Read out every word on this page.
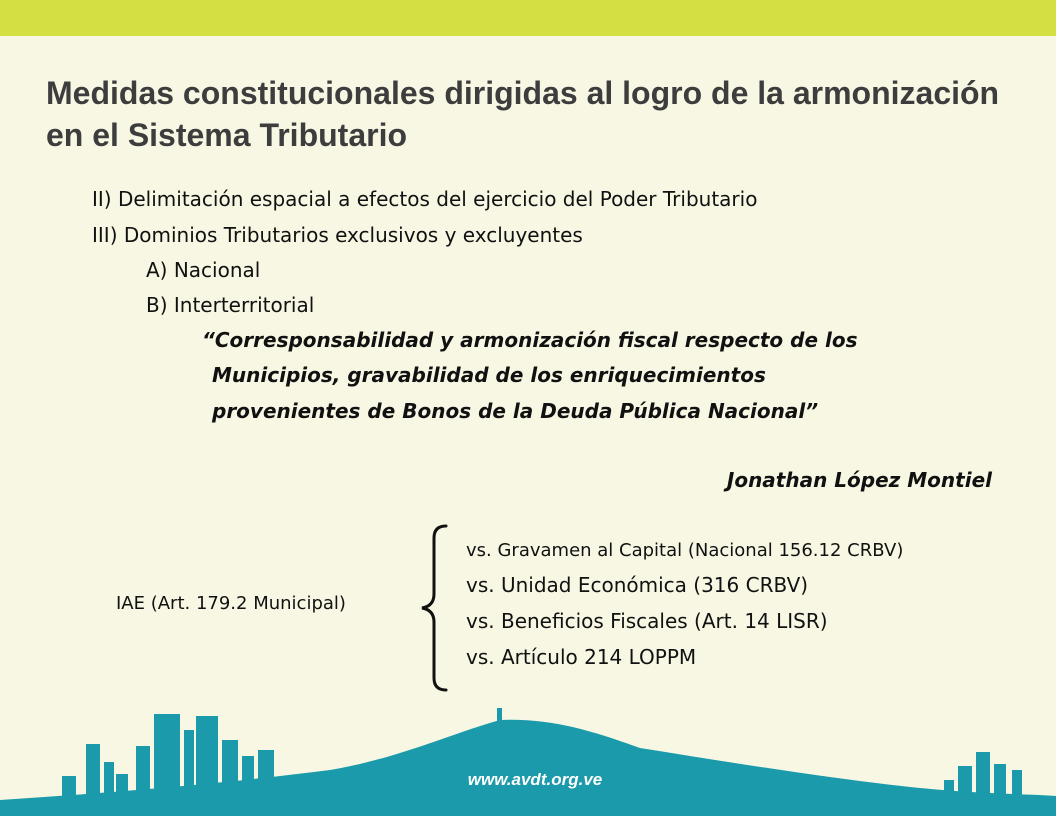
Medidas constitucionales dirigidas al logro de la armonización en el Sistema Tributario
II) Delimitación espacial a efectos del ejercicio del Poder Tributario
III) Dominios Tributarios exclusivos y excluyentes
A) Nacional
B) Interterritorial
“Corresponsabilidad y armonización fiscal respecto de los
Municipios, gravabilidad de los enriquecimientos
provenientes de Bonos de la Deuda Pública Nacional”
Jonathan López Montiel
IAE (Art. 179.2 Municipal)
vs. Gravamen al Capital (Nacional 156.12 CRBV)
vs. Unidad Económica (316 CRBV)
vs. Beneficios Fiscales (Art. 14 LISR)
vs. Artículo 214 LOPPM
www.avdt.org.ve
